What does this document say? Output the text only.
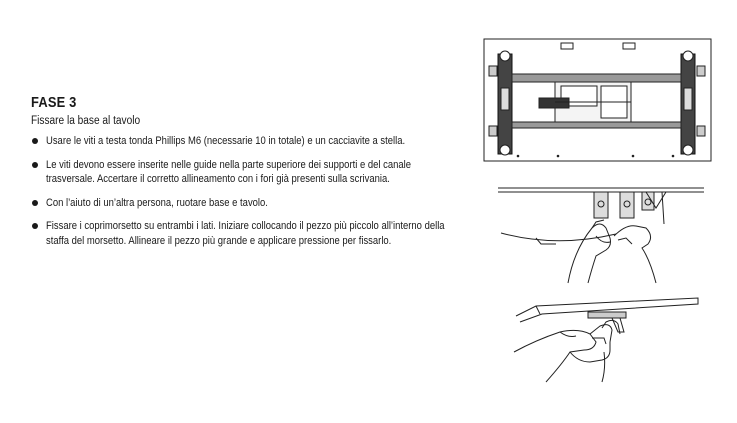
FASE 3
Fissare la base al tavolo
Usare le viti a testa tonda Phillips M6 (necessarie 10 in totale) e un cacciavite a stella.
Le viti devono essere inserite nelle guide nella parte superiore dei supporti e del canale trasversale. Accertare il corretto allineamento con i fori già presenti sulla scrivania.
Con l’aiuto di un’altra persona, ruotare base e tavolo.
Fissare i coprimorsetto su entrambi i lati. Iniziare collocando il pezzo più piccolo all’interno della staffa del morsetto. Allineare il pezzo più grande e applicare pressione per fissarlo.
